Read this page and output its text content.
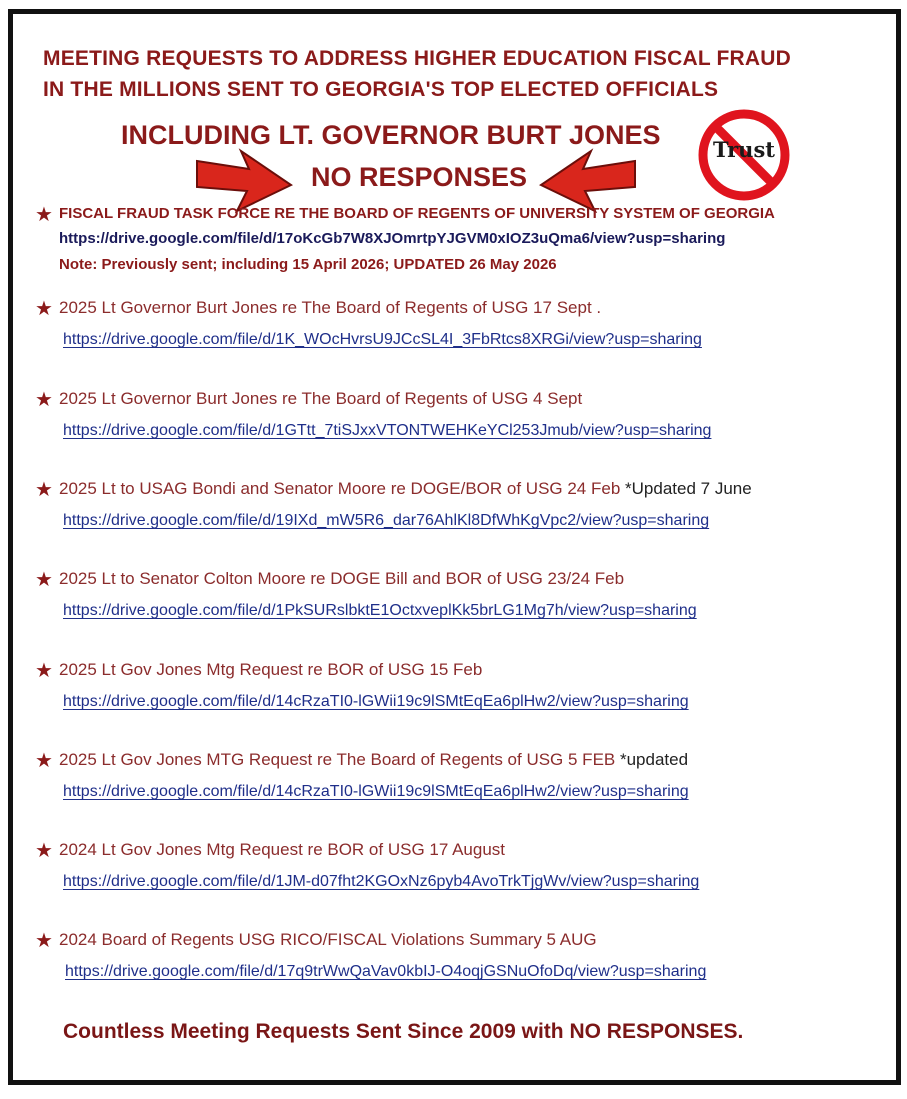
MEETING REQUESTS TO ADDRESS HIGHER EDUCATION FISCAL FRAUD
IN THE MILLIONS SENT TO GEORGIA'S TOP ELECTED OFFICIALS
INCLUDING LT. GOVERNOR BURT JONES
NO RESPONSES
Trust
★ FISCAL FRAUD TASK FORCE RE THE BOARD OF REGENTS OF UNIVERSITY SYSTEM OF GEORGIA
https://drive.google.com/file/d/17oKcGb7W8XJOmrtpYJGVM0xIOZ3uQma6/view?usp=sharing
Note: Previously sent; including 15 April 2026; UPDATED 26 May 2026
★ 2025 Lt Governor Burt Jones re The Board of Regents of USG 17 Sept .
https://drive.google.com/file/d/1K_WOcHvrsU9JCcSL4I_3FbRtcs8XRGi/view?usp=sharing
★ 2025 Lt Governor Burt Jones re The Board of Regents of USG 4 Sept
https://drive.google.com/file/d/1GTtt_7tiSJxxVTONTWEHKeYCl253Jmub/view?usp=sharing
★ 2025 Lt to USAG Bondi and Senator Moore re DOGE/BOR of USG 24 Feb *Updated 7 June
https://drive.google.com/file/d/19IXd_mW5R6_dar76AhlKl8DfWhKgVpc2/view?usp=sharing
★ 2025 Lt to Senator Colton Moore re DOGE Bill and BOR of USG 23/24 Feb
https://drive.google.com/file/d/1PkSURslbktE1OctxveplKk5brLG1Mg7h/view?usp=sharing
★ 2025 Lt Gov Jones Mtg Request re BOR of USG 15 Feb
https://drive.google.com/file/d/14cRzaTI0-lGWii19c9lSMtEqEa6plHw2/view?usp=sharing
★ 2025 Lt Gov Jones MTG Request re The Board of Regents of USG 5 FEB *updated
https://drive.google.com/file/d/14cRzaTI0-lGWii19c9lSMtEqEa6plHw2/view?usp=sharing
★ 2024 Lt Gov Jones Mtg Request re BOR of USG 17 August
https://drive.google.com/file/d/1JM-d07fht2KGOxNz6pyb4AvoTrkTjgWv/view?usp=sharing
★ 2024 Board of Regents USG RICO/FISCAL Violations Summary 5 AUG
https://drive.google.com/file/d/17q9trWwQaVav0kbIJ-O4oqjGSNuOfoDq/view?usp=sharing
Countless Meeting Requests Sent Since 2009 with NO RESPONSES.
